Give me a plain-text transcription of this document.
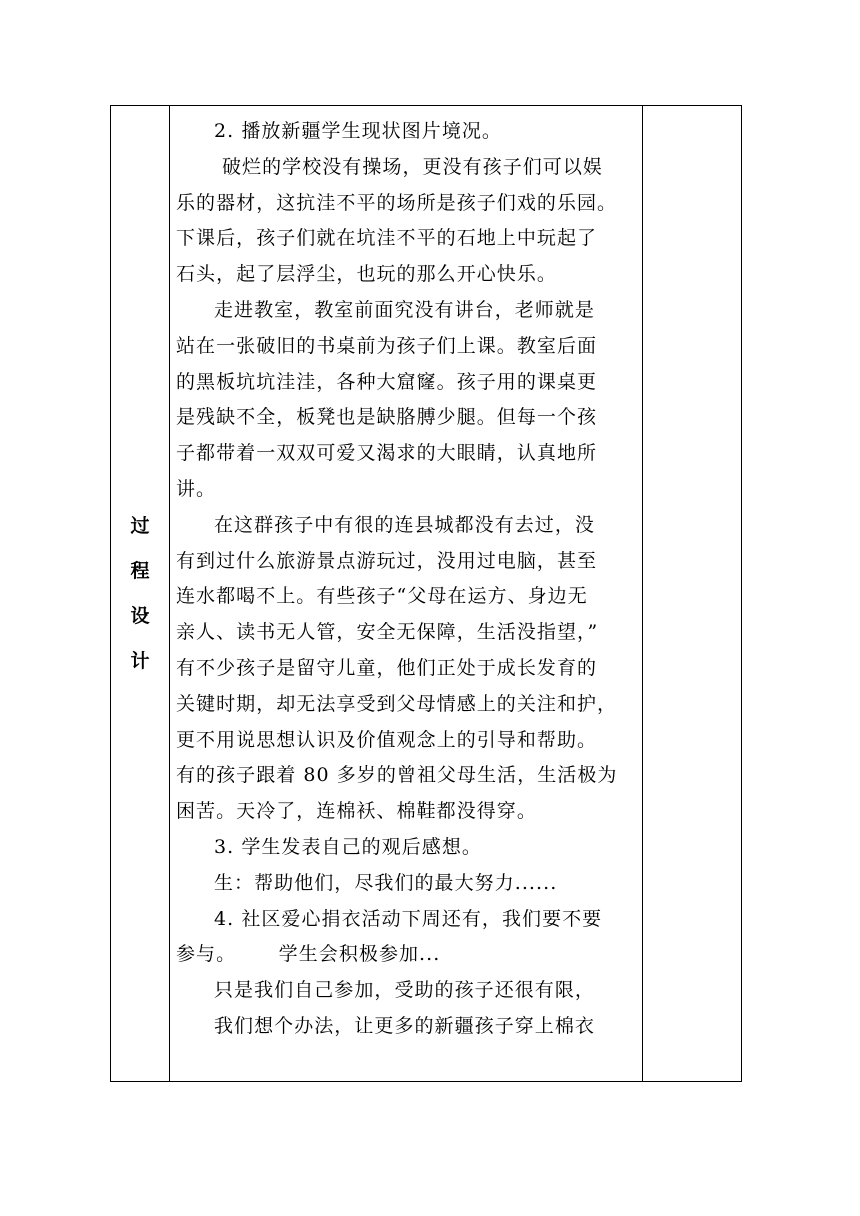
过
程
设
计

2. 播放新疆学生现状图片境况。
破烂的学校没有操场，更没有孩子们可以娱
乐的器材，这抗洼不平的场所是孩子们戏的乐园。
下课后，孩子们就在坑洼不平的石地上中玩起了
石头，起了层浮尘，也玩的那么开心快乐。
走进教室，教室前面究没有讲台，老师就是
站在一张破旧的书桌前为孩子们上课。教室后面
的黑板坑坑洼洼，各种大窟窿。孩子用的课桌更
是残缺不全，板凳也是缺胳膊少腿。但每一个孩
子都带着一双双可爱又渴求的大眼睛，认真地所
讲。
在这群孩子中有很的连县城都没有去过，没
有到过什么旅游景点游玩过，没用过电脑，甚至
连水都喝不上。有些孩子“父母在运方、身边无
亲人、读书无人管，安全无保障，生活没指望，”
有不少孩子是留守儿童，他们正处于成长发育的
关键时期，却无法享受到父母情感上的关注和护，
更不用说思想认识及价值观念上的引导和帮助。
有的孩子跟着 80 多岁的曾祖父母生活，生活极为
困苦。天冷了，连棉袄、棉鞋都没得穿。
3. 学生发表自己的观后感想。
生：帮助他们，尽我们的最大努力......
4. 社区爱心捐衣活动下周还有，我们要不要
参与。      学生会积极参加...
只是我们自己参加，受助的孩子还很有限，
我们想个办法，让更多的新疆孩子穿上棉衣
